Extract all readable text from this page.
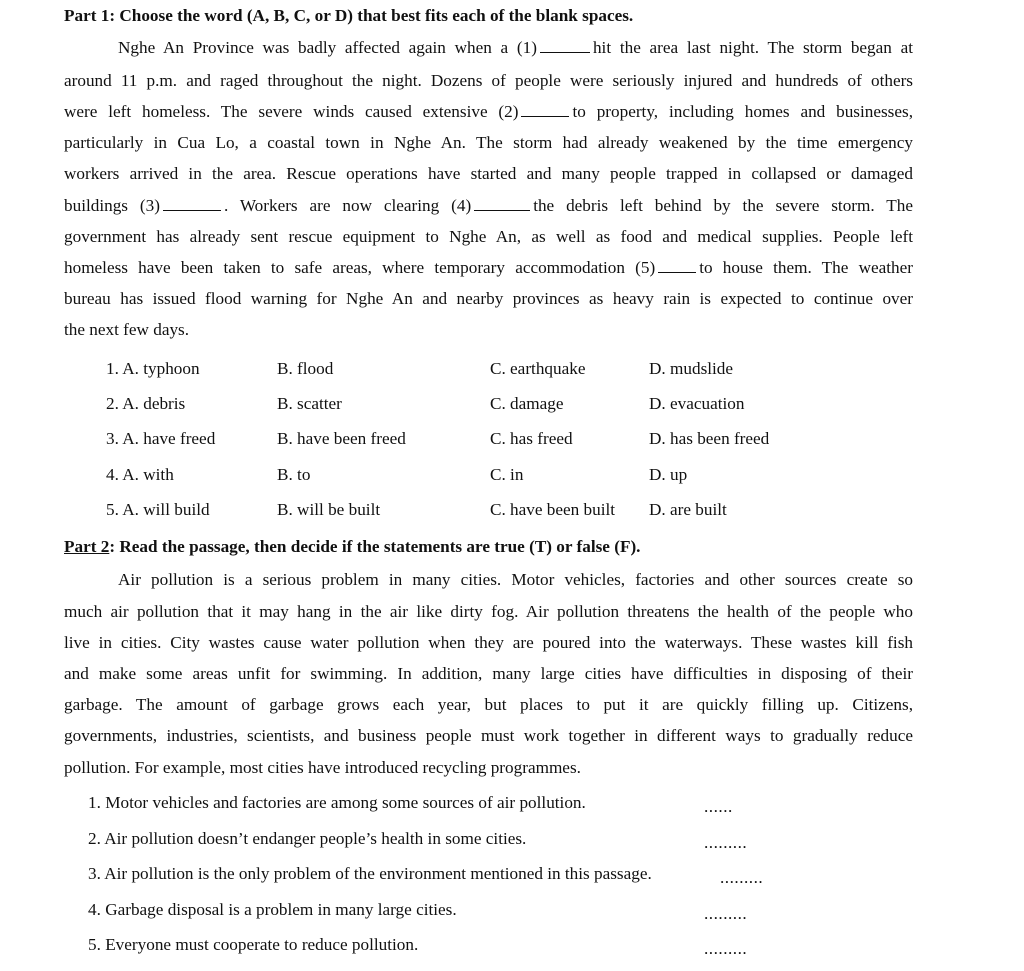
Part 1: Choose the word (A, B, C, or D) that best fits each of the blank spaces.
Nghe An Province was badly affected again when a (1)	hit the area last night. The storm began at
around 11 p.m. and raged throughout the night. Dozens of people were seriously injured and hundreds of others
were left homeless. The severe winds caused extensive (2)	to property, including homes and businesses,
particularly in Cua Lo, a coastal town in Nghe An. The storm had already weakened by the time emergency
workers arrived in the area. Rescue operations have started and many people trapped in collapsed or damaged
buildings (3)	. Workers are now clearing (4)	the debris left behind by the severe storm. The
government has already sent rescue equipment to Nghe An, as well as food and medical supplies. People left
homeless have been taken to safe areas, where temporary accommodation (5)	to house them. The weather
bureau has issued flood warning for Nghe An and nearby provinces as heavy rain is expected to continue over
the next few days.
1. A. typhoon	B. flood	C. earthquake	D. mudslide
2. A. debris	B. scatter	C. damage	D. evacuation
3. A. have freed	B. have been freed	C. has freed	D. has been freed
4. A. with	B. to	C. in	D. up
5. A. will build	B. will be built	C. have been built D. are built
Part 2: Read the passage, then decide if the statements are true (T) or false (F).
Air pollution is a serious problem in many cities. Motor vehicles, factories and other sources create so
much air pollution that it may hang in the air like dirty fog. Air pollution threatens the health of the people who
live in cities. City wastes cause water pollution when they are poured into the waterways. These wastes kill fish
and make some areas unfit for swimming. In addition, many large cities have difficulties in disposing of their
garbage. The amount of garbage grows each year, but places to put it are quickly filling up. Citizens,
governments, industries, scientists, and business people must work together in different ways to gradually reduce
pollution. For example, most cities have introduced recycling programmes.
1. Motor vehicles and factories are among some sources of air pollution.	......
2. Air pollution doesn’t endanger people’s health in some cities.	.........
3. Air pollution is the only problem of the environment mentioned in this passage.	.........
4. Garbage disposal is a problem in many large cities.	.........
5. Everyone must cooperate to reduce pollution.	.........
